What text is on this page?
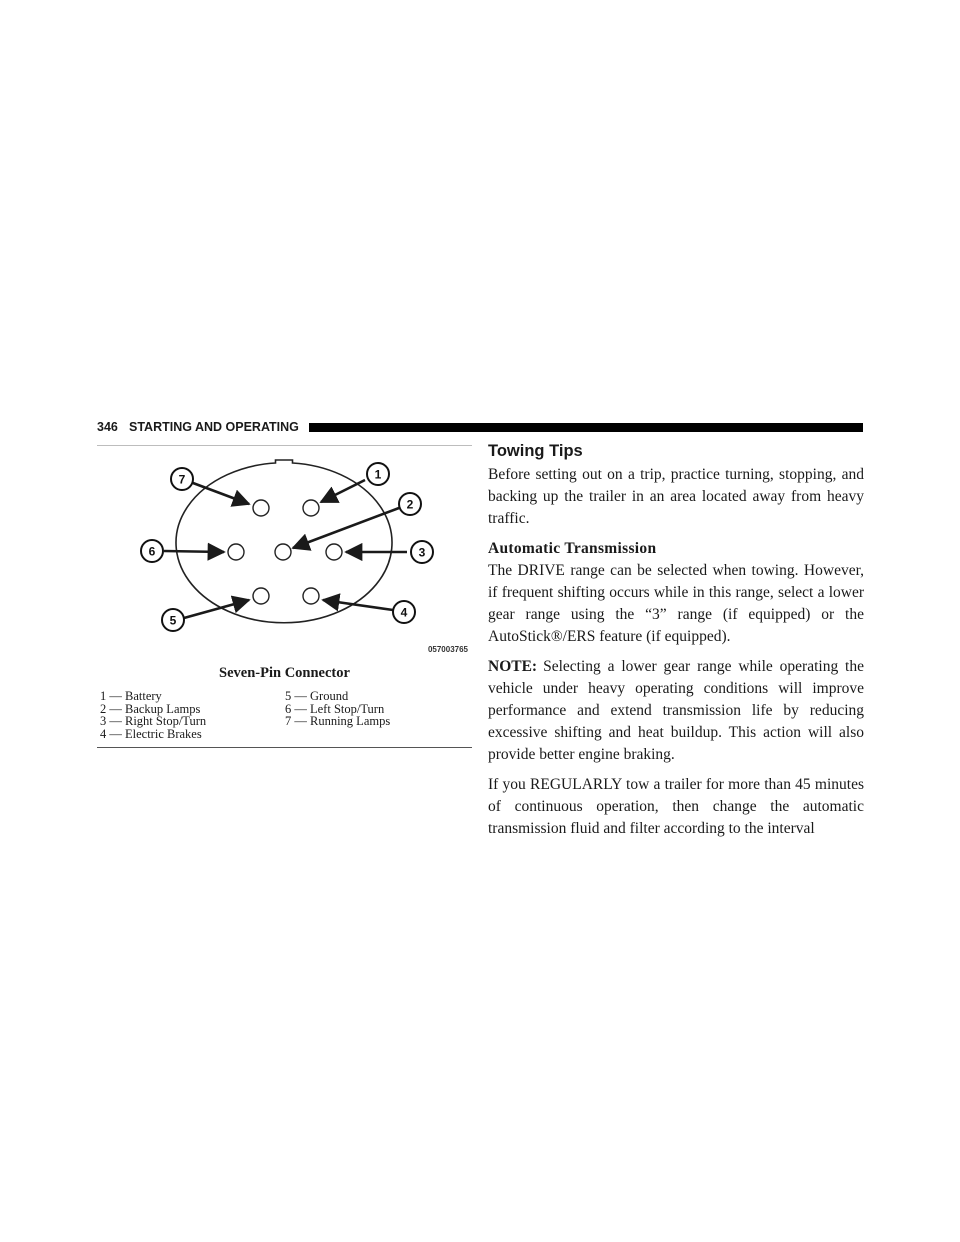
346 STARTING AND OPERATING
1
2
3
4
5
6
7
057003765
Seven-Pin Connector
1 — Battery
2 — Backup Lamps
3 — Right Stop/Turn
4 — Electric Brakes
5 — Ground
6 — Left Stop/Turn
7 — Running Lamps
Towing Tips

Before setting out on a trip, practice turning, stopping, and backing up the trailer in an area located away from heavy traffic.

Automatic Transmission

The DRIVE range can be selected when towing. However, if frequent shifting occurs while in this range, select a lower gear range using the “3” range (if equipped) or the AutoStick®/ERS feature (if equipped).

NOTE: Selecting a lower gear range while operating the vehicle under heavy operating conditions will improve performance and extend transmission life by reducing excessive shifting and heat buildup. This action will also provide better engine braking.

If you REGULARLY tow a trailer for more than 45 minutes of continuous operation, then change the automatic transmission fluid and filter according to the interval
